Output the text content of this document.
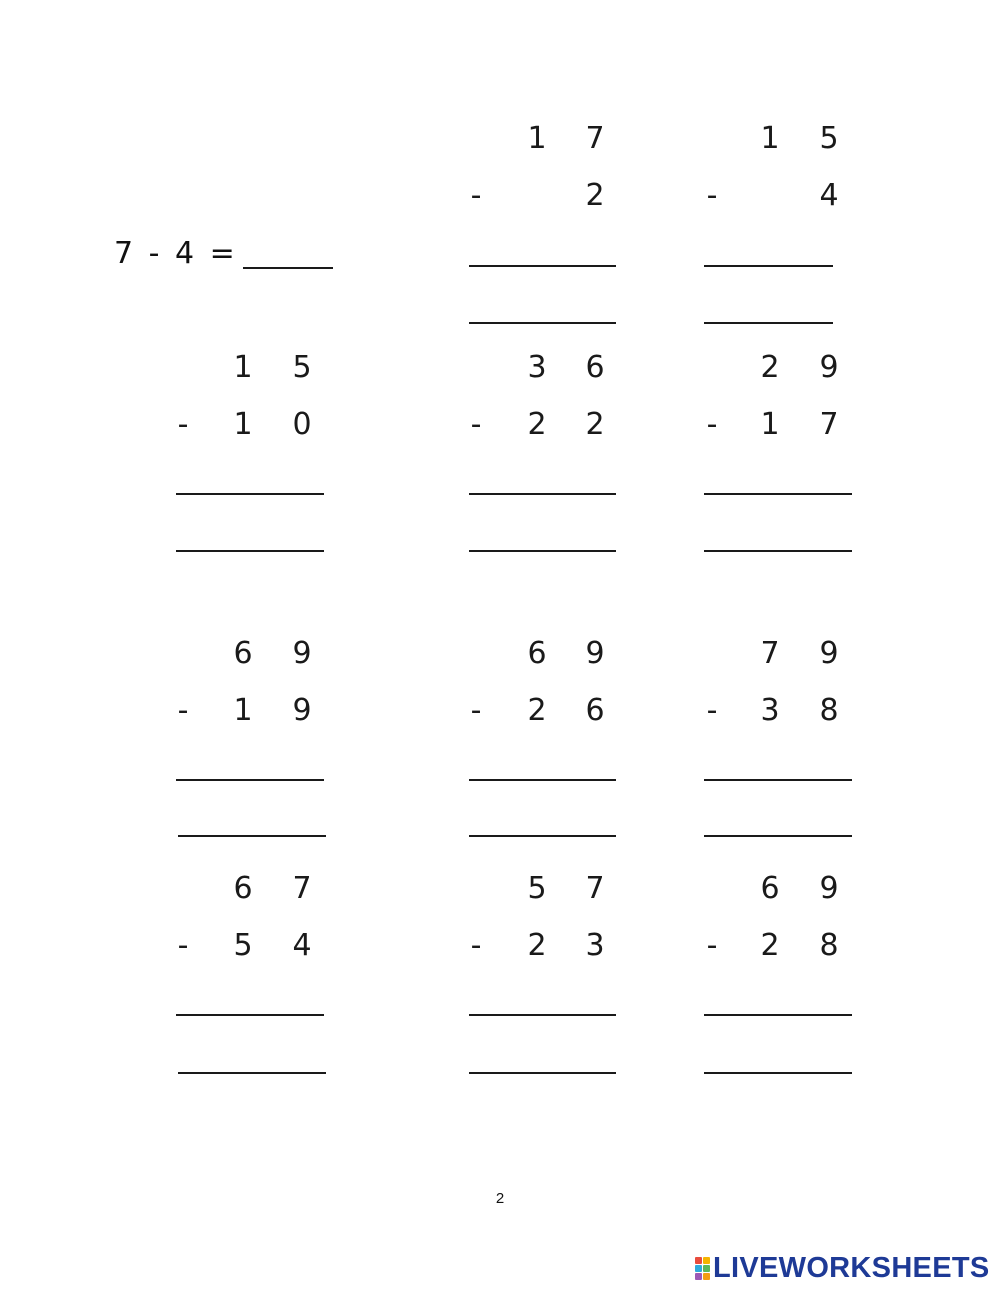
7 - 4 =
1 7
-	2
1 5
-	4
1 5
-	1 0
3 6
-	2 2
2 9
-	1 7
6 9
-	1 9
6 9
-	2 6
7 9
-	3 8
6 7
-	5 4
5 7
-	2 3
6 9
-	2 8
2
LIVEWORKSHEETS
